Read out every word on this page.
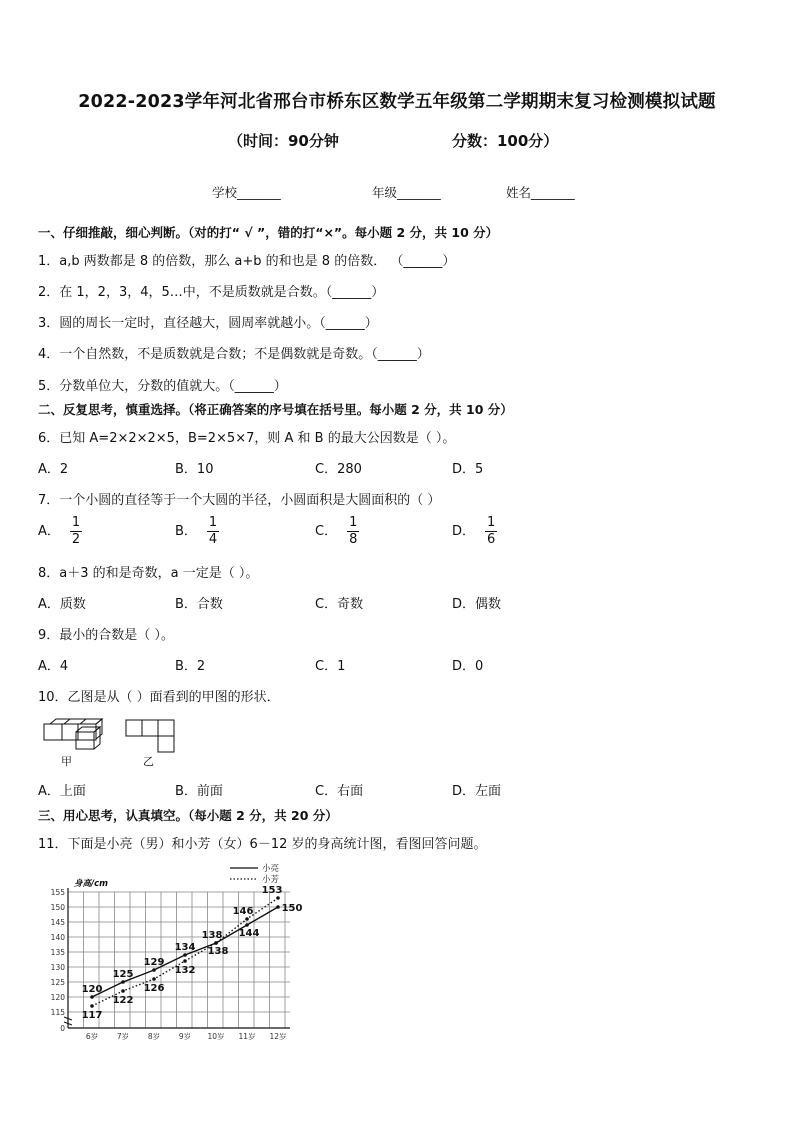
2022-2023学年河北省邢台市桥东区数学五年级第二学期期末复习检测模拟试题
（时间：90分钟	分数：100分）
学校_______	年级_______	姓名_______
一、仔细推敲，细心判断。（对的打“ √ ”，错的打“×”。每小题 2 分，共 10 分）
1．a,b 两数都是 8 的倍数，那么 a+b 的和也是 8 的倍数． （______）
2．在 1，2，3，4，5…中，不是质数就是合数。（______）
3．圆的周长一定时，直径越大，圆周率就越小。（______）
4．一个自然数，不是质数就是合数；不是偶数就是奇数。（______）
5．分数单位大，分数的值就大。（______）
二、反复思考，慎重选择。（将正确答案的序号填在括号里。每小题 2 分，共 10 分）
6．已知 A=2×2×2×5，B=2×5×7，则 A 和 B 的最大公因数是（ ）。
A．2	B．10	C．280	D．5
7．一个小圆的直径等于一个大圆的半径，小圆面积是大圆面积的（ ）
A． $\frac{1}{2}$	B． $\frac{1}{4}$	C． $\frac{1}{8}$	D． $\frac{1}{6}$
8．a＋3 的和是奇数，a 一定是（ ）。
A．质数	B．合数	C．奇数	D．偶数
9．最小的合数是（ ）。
A．4	B．2	C．1	D．0
10．乙图是从（ ）面看到的甲图的形状．
甲	乙
A．上面	B．前面	C．右面	D．左面
三、用心思考，认真填空。（每小题 2 分，共 20 分）
11．下面是小亮（男）和小芳（女）6－12 岁的身高统计图，看图回答问题。
0
115
120
125
130
135
140
145
150
155
6岁 7岁 8岁 9岁 10岁 11岁 12岁
身高/cm
120
117
125
122
129
126
134
132
138
138
146
144
153
150
小亮
小芳
